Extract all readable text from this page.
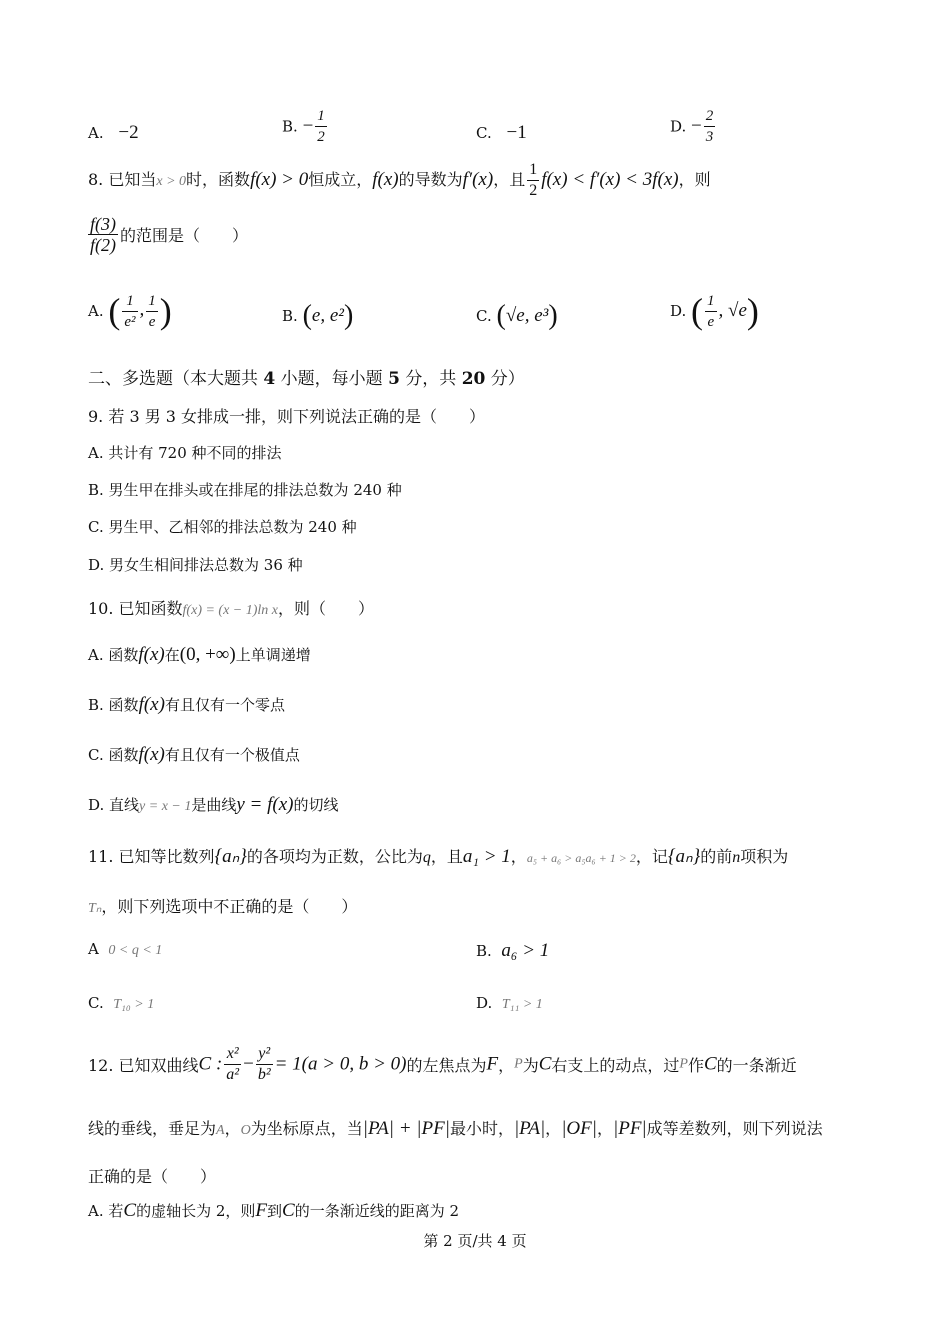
A. −2	B. − $\frac{1}{2}$	C. −1	D. − $\frac{2}{3}$
8. 已知当x > 0时，函数f(x) > 0恒成立，f(x)的导数为f′(x)，且 $\frac{1}{2} f(x) < f'(x) < 3f(x)$，则
$\frac{f(3)}{f(2)}$ 的范围是（　　）
A. ( $\frac{1}{\text{e²}}$ , $\frac{1}{e}$ )	B. (e, e²)	C. (√e, e³)	D. ( $\frac{1}{e}$ , √e)
二、多选题（本大题共 4 小题，每小题 5 分，共 20 分）
9. 若 3 男 3 女排成一排，则下列说法正确的是（　　）
A. 共计有 720 种不同的排法
B. 男生甲在排头或在排尾的排法总数为 240 种
C. 男生甲、乙相邻的排法总数为 240 种
D. 男女生相间排法总数为 36 种
10. 已知函数f(x) = (x − 1)ln x，则（　　）
A. 函数f(x)在(0, +∞)上单调递增
B. 函数f(x)有且仅有一个零点
C. 函数f(x)有且仅有一个极值点
D. 直线y = x − 1是曲线y = f(x)的切线
11. 已知等比数列{aₙ}的各项均为正数，公比为q，且a₁ > 1，a₅ + a₆ > a₅a₆ + 1 > 2，记{aₙ}的前n项积为
Tₙ，则下列选项中不正确的是（　　）
A 0 < q < 1	B. a₆ > 1
C. T₁₀ > 1	D. T₁₁ > 1
12. 已知双曲线C : $\frac{\text{x²}}{\text{a²}} - \frac{\text{y²}}{\text{b²}} = 1(a > 0$, b > 0)的左焦点为F，P为C右支上的动点，过P作C的一条渐近
线的垂线，垂足为A，O为坐标原点，当|PA| + |PF|最小时，|PA|，|OF|，|PF|成等差数列，则下列说法
正确的是（　　）
A. 若C的虚轴长为 2，则F到C的一条渐近线的距离为 2
第 2 页/共 4 页
